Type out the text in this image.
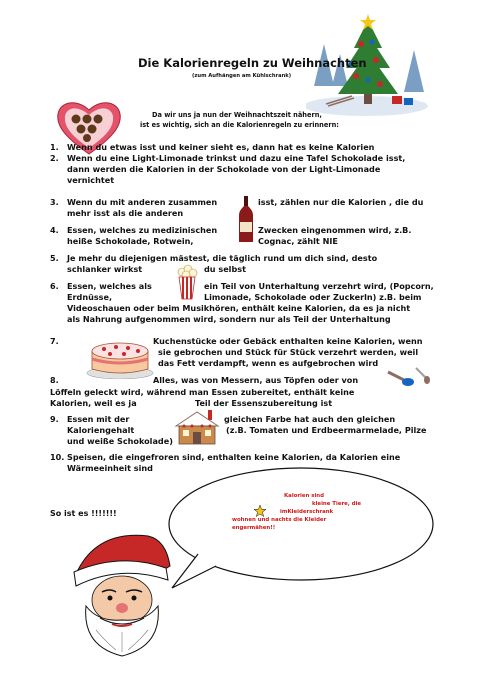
Die Kalorienregeln zu Weihnachten
(zum Aufhängen am Kühlschrank)
Da wir uns ja nun der Weihnachtszeit nähern,
ist es wichtig, sich an die Kalorienregeln zu erinnern:
1. Wenn du etwas isst und keiner sieht es, dann hat es keine Kalorien
2. Wenn du eine Light-Limonade trinkst und dazu eine Tafel Schokolade isst,
dann werden die Kalorien in der Schokolade von der Light-Limonade
vernichtet
3. Wenn du mit anderen zusammen	isst, zählen nur die Kalorien , die du
mehr isst als die anderen
4. Essen, welches zu medizinischen	Zwecken eingenommen wird, z.B.
heiße Schokolade, Rotwein,	Cognac, zählt NIE
5. Je mehr du diejenigen mästest, die täglich rund um dich sind, desto
schlanker wirkst	du selbst
6. Essen, welches als	ein Teil von Unterhaltung verzehrt wird, (Popcorn,
Erdnüsse,	Limonade, Schokolade oder Zuckerln) z.B. beim
Videoschauen oder beim Musikhören, enthält keine Kalorien, da es ja nicht
als Nahrung aufgenommen wird, sondern nur als Teil der Unterhaltung
7.	Kuchenstücke oder Gebäck enthalten keine Kalorien, wenn
sie gebrochen und Stück für Stück verzehrt werden, weil
das Fett verdampft, wenn es aufgebrochen wird
8.	Alles, was von Messern, aus Töpfen oder von
Löffeln geleckt wird, während man Essen zubereitet, enthält keine
Kalorien, weil es ja	Teil der Essenszubereitung ist
9. Essen mit der	gleichen Farbe hat auch den gleichen
Kaloriengehalt	(z.B. Tomaten und Erdbeermarmelade, Pilze
und weiße Schokolade)
10. Speisen, die eingefroren sind, enthalten keine Kalorien, da Kalorien eine
Wärmeeinheit sind
Kalorien sind
kleine Tiere, die
imKleiderschrank
wohnen und nachts die Kleider
engermähen!!
So ist es !!!!!!!
